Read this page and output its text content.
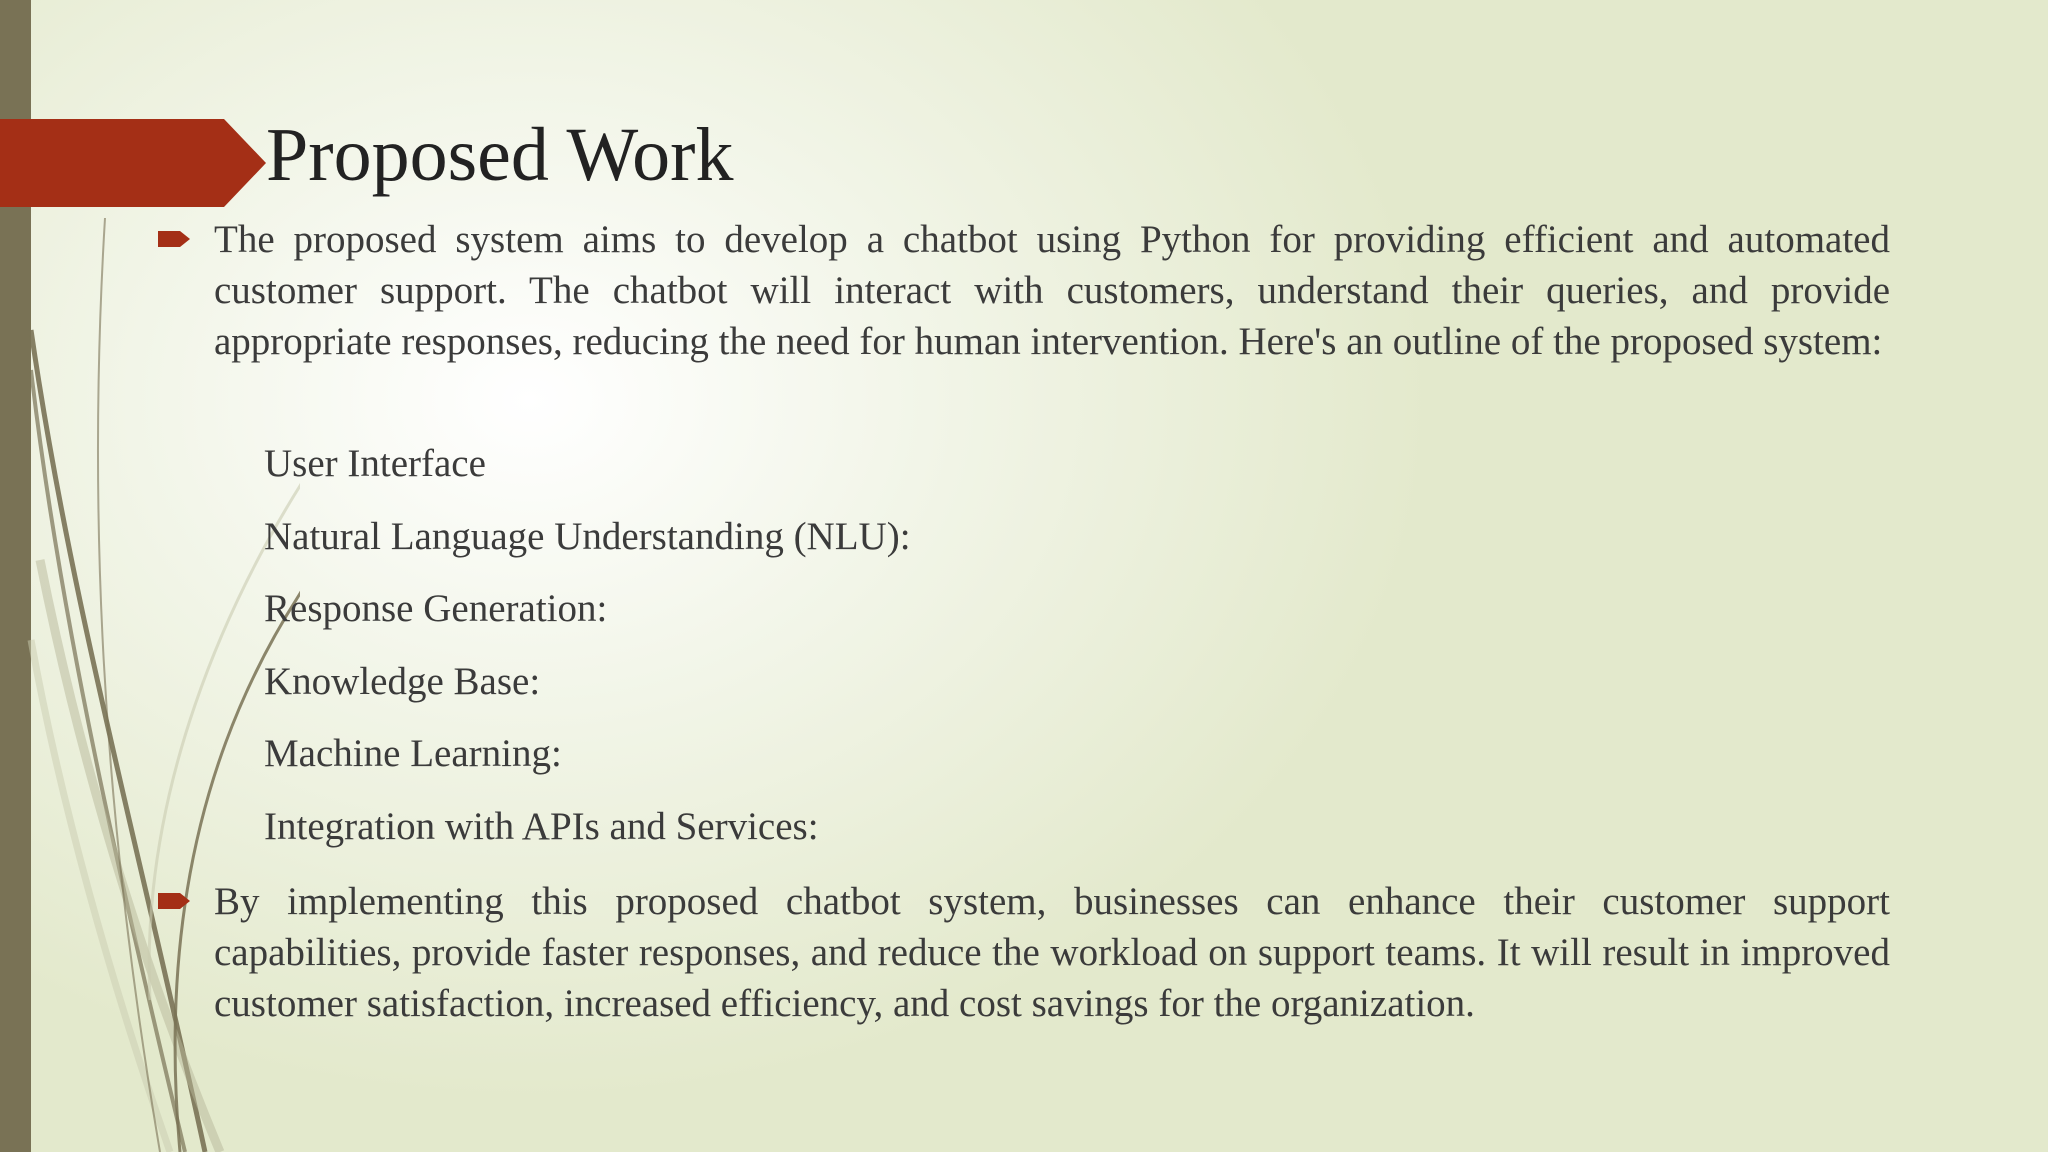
Proposed Work
The proposed system aims to develop a chatbot using Python for providing efficient and automated customer support. The chatbot will interact with customers, understand their queries, and provide appropriate responses, reducing the need for human intervention. Here's an outline of the proposed system:
User Interface
Natural Language Understanding (NLU):
Response Generation:
Knowledge Base:
Machine Learning:
Integration with APIs and Services:
By implementing this proposed chatbot system, businesses can enhance their customer support capabilities, provide faster responses, and reduce the workload on support teams. It will result in improved customer satisfaction, increased efficiency, and cost savings for the organization.
